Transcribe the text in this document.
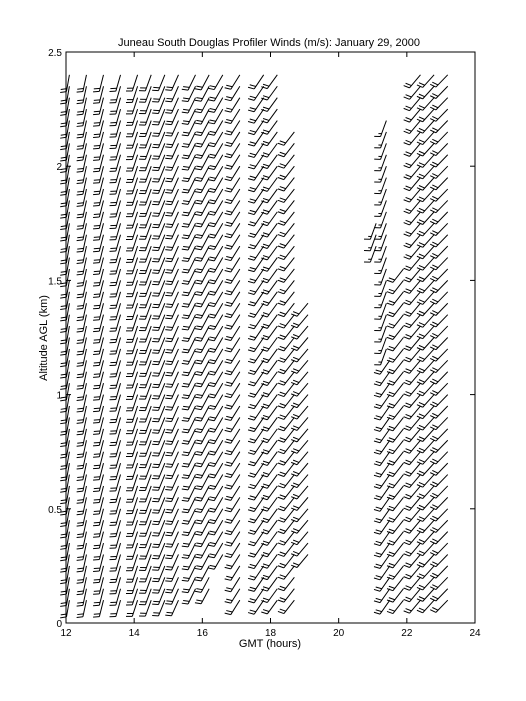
Juneau South Douglas Profiler Winds (m/s): January 29, 2000
12	14	16	18	20	22	24
0
0.5
1
1.5
2
2.5
GMT (hours)
Altitude AGL (km)
